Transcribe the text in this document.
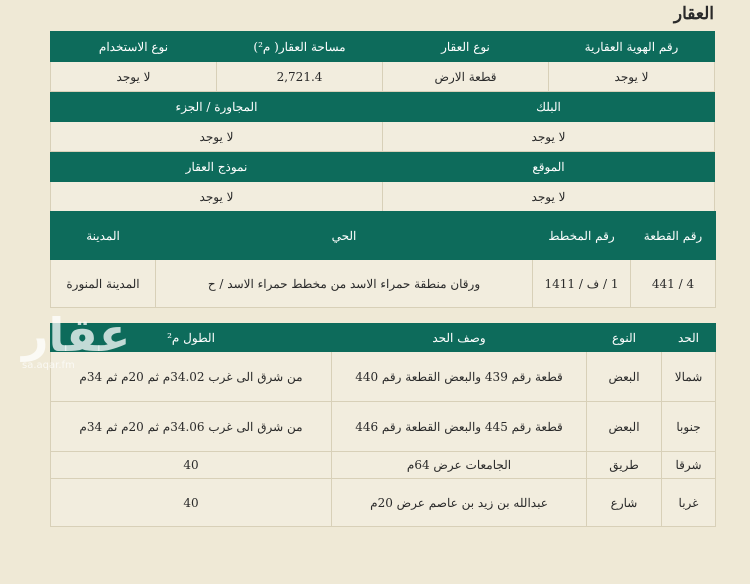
العقار
رقم الهوية العقارية	نوع العقار	مساحة العقار( م²)	نوع الاستخدام
لا يوجد	قطعة الارض	2,721.4	لا يوجد
البلك		المجاورة / الجزء	
لا يوجد		لا يوجد	
الموقع		نموذج العقار	
لا يوجد		لا يوجد	
رقم القطعة	رقم المخطط	الحي	المدينة
4 / 441	1 / ف / 1411	ورقان منطقة حمراء الاسد من مخطط حمراء الاسد / ح	المدينة المنورة
الحد	النوع	وصف الحد	الطول م²
شمالا	البعض	قطعة رقم 439 والبعض القطعة رقم 440	من شرق الى غرب 34.02م ثم 20م ثم 34م
جنوبا	البعض	قطعة رقم 445 والبعض القطعة رقم 446	من شرق الى غرب 34.06م ثم 20م ثم 34م
شرقا	طريق	الجامعات عرض 64م	40
غربا	شارع	عبدالله بن زيد بن عاصم عرض 20م	40
عقار
sa.aqar.fm
